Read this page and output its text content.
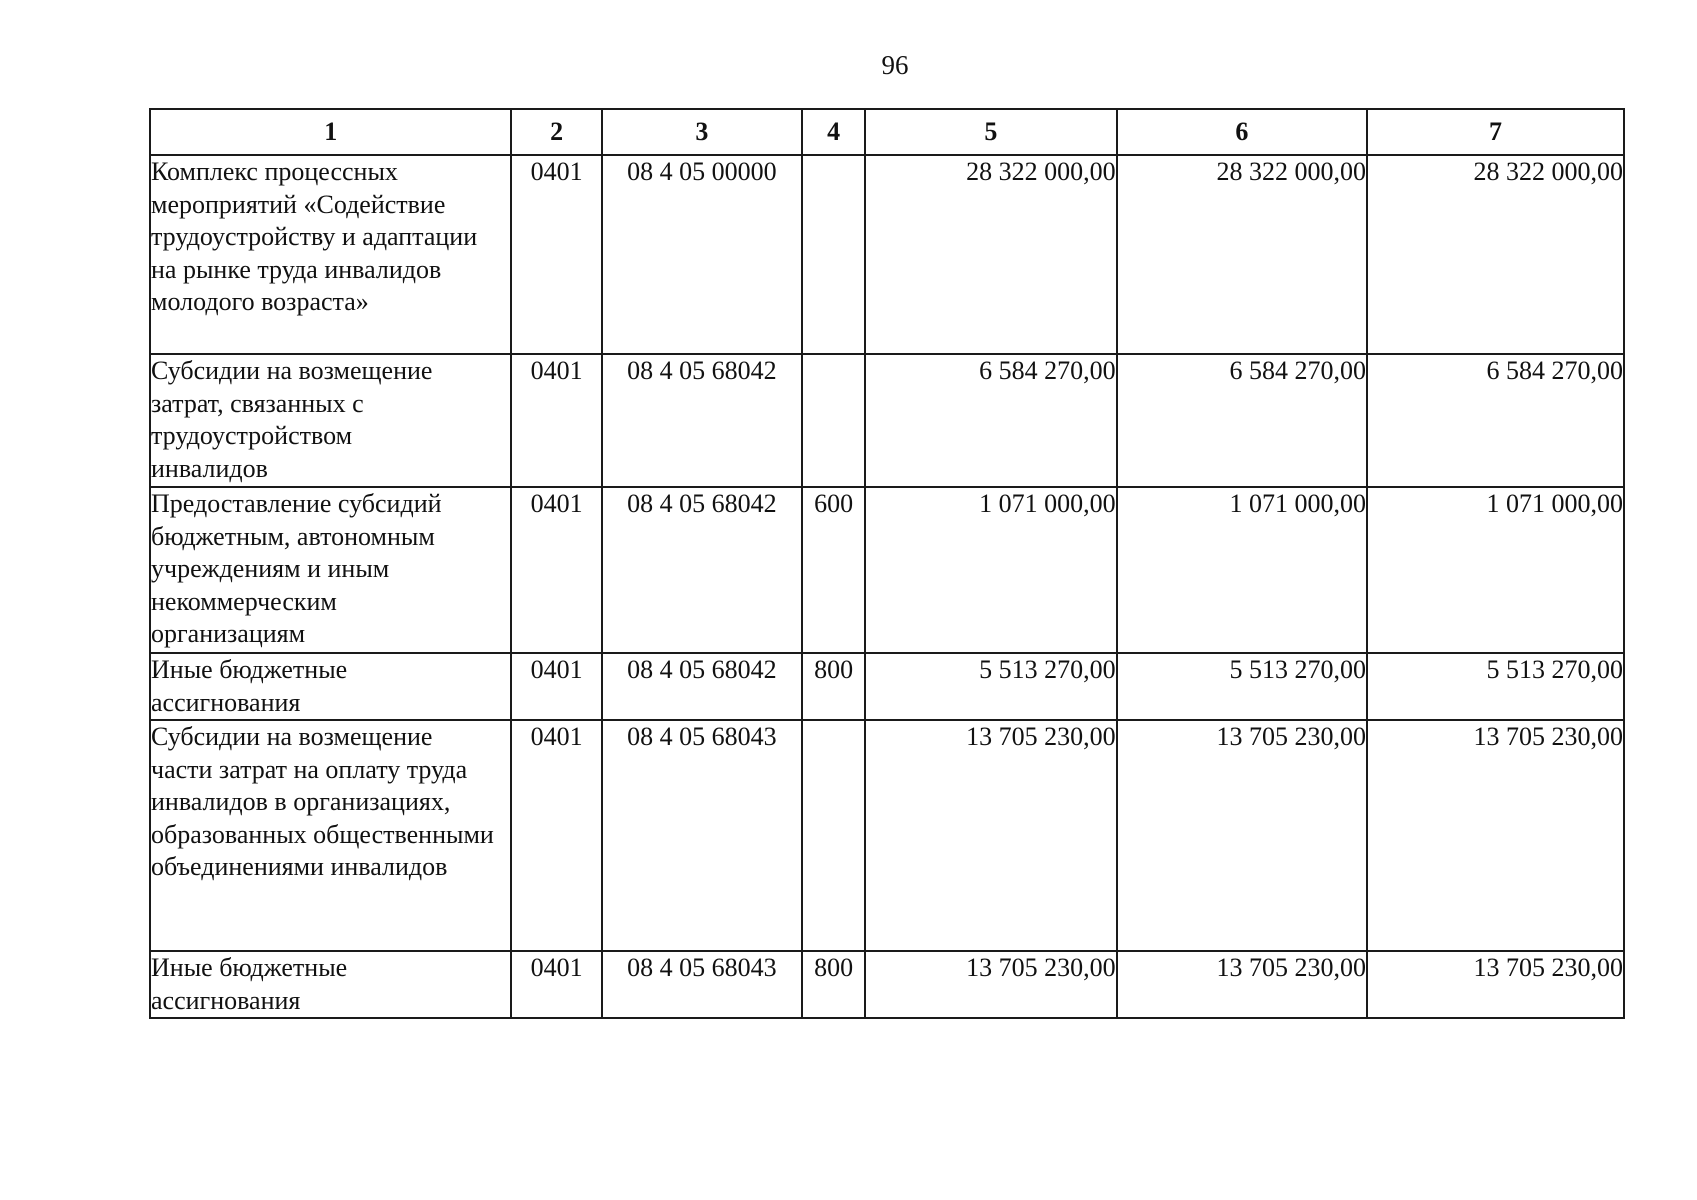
96
1	2	3	4	5	6	7
Комплекс процессных мероприятий «Содействие трудоустройству и адаптации на рынке труда инвалидов молодого возраста»	0401	08 4 05 00000		28 322 000,00	28 322 000,00	28 322 000,00
Субсидии на возмещение затрат, связанных с трудоустройством инвалидов	0401	08 4 05 68042		6 584 270,00	6 584 270,00	6 584 270,00
Предоставление субсидий бюджетным, автономным учреждениям и иным некоммерческим организациям	0401	08 4 05 68042	600	1 071 000,00	1 071 000,00	1 071 000,00
Иные бюджетные ассигнования	0401	08 4 05 68042	800	5 513 270,00	5 513 270,00	5 513 270,00
Субсидии на возмещение части затрат на оплату труда инвалидов в организациях, образованных общественными объединениями инвалидов	0401	08 4 05 68043		13 705 230,00	13 705 230,00	13 705 230,00
Иные бюджетные ассигнования	0401	08 4 05 68043	800	13 705 230,00	13 705 230,00	13 705 230,00
